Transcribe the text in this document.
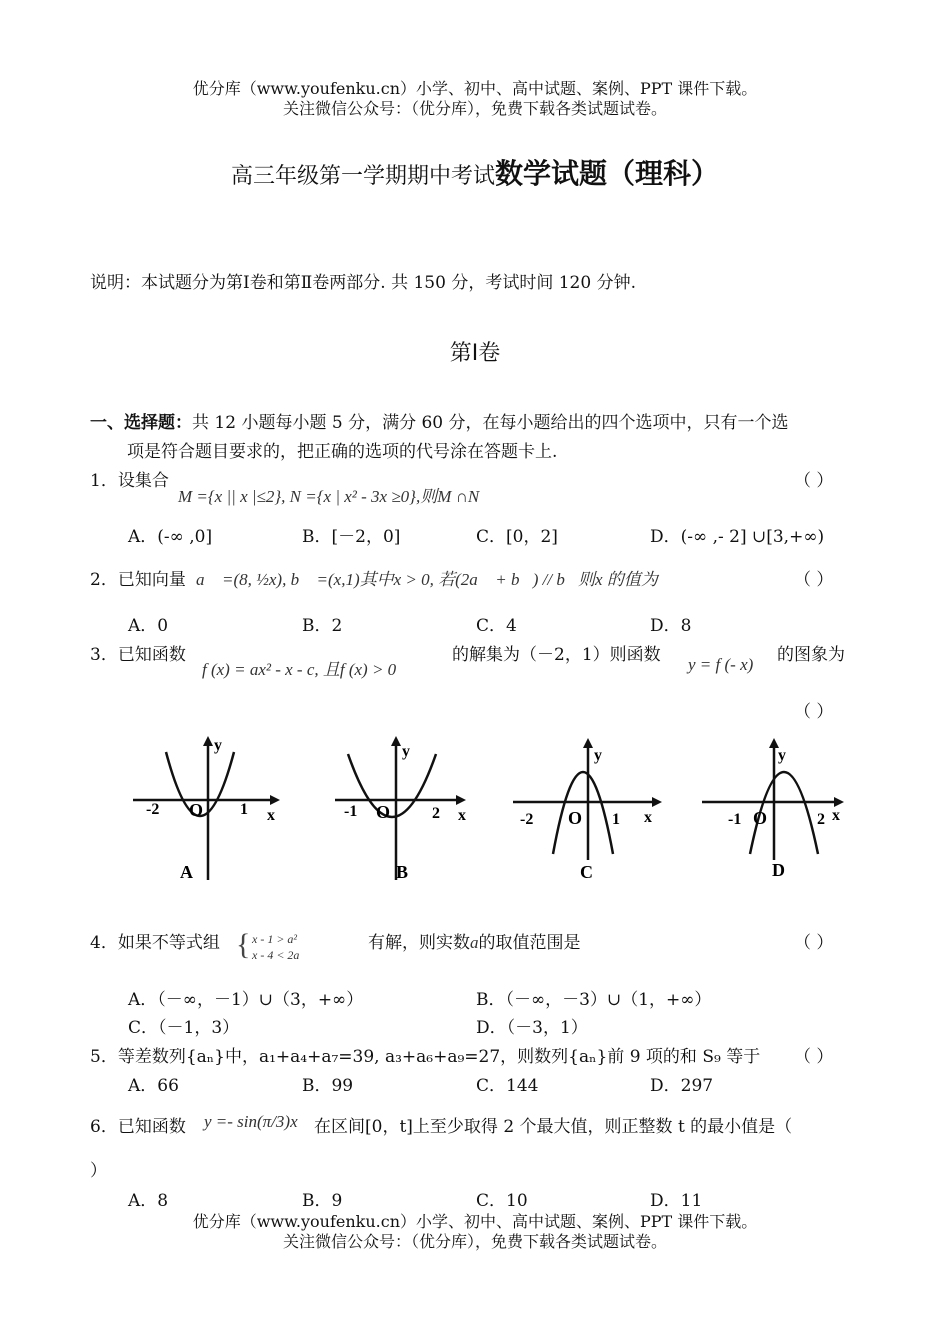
优分库（www.youfenku.cn）小学、初中、高中试题、案例、PPT 课件下载。
关注微信公众号：（优分库），免费下载各类试题试卷。
高三年级第一学期期中考试数学试题（理科）
说明：本试题分为第Ⅰ卷和第Ⅱ卷两部分. 共 150 分，考试时间 120 分钟.
第Ⅰ卷
一、选择题：共 12 小题每小题 5 分，满分 60 分，在每小题给出的四个选项中，只有一个选
项是符合题目要求的，把正确的选项的代号涂在答题卡上.
1．设集合
M ={x || x |≤2}, N ={x | x² - 3x ≥0},则M ∩N
（ ）
A．(-∞ ,0]	B．[－2，0]	C．[0，2]	D．(-∞ ,- 2] ∪[3,+∞)
2．已知向量 a⃗ =(8, ½x), b⃗ =(x,1)其中x > 0, 若(2a⃗ + b⃗) // b⃗则x 的值为	（ ）
A．0	B．2	C．4	D．8
3．已知函数
f (x) = ax² - x - c, 且f (x) > 0
的解集为（－2，1）则函数 y = f (- x) 的图象为
（ ）
-2 O 1 x
y
A
-1 O	2 x
y
B
-2 O 1 x
y
C
-1 O	2 x
y
D
4．如果不等式组 { x - 1 > a²
x - 4 < 2a
有解，则实数a的取值范围是	（ ）
A．（－∞，－1）∪（3，+∞）	B．（－∞，－3）∪（1，+∞）
C．（－1，3）	D．（－3，1）
5．等差数列{aₙ}中，a₁+a₄+a₇=39, a₃+a₆+a₉=27，则数列{aₙ}前 9 项的和 S₉ 等于 （ ）
A．66	B．99	C．144	D．297
6．已知函数 y =- sin(π/3)x 在区间[0，t]上至少取得 2 个最大值，则正整数 t 的最小值是（
）
A．8	B．9	C．10	D．11
优分库（www.youfenku.cn）小学、初中、高中试题、案例、PPT 课件下载。
关注微信公众号：（优分库），免费下载各类试题试卷。
